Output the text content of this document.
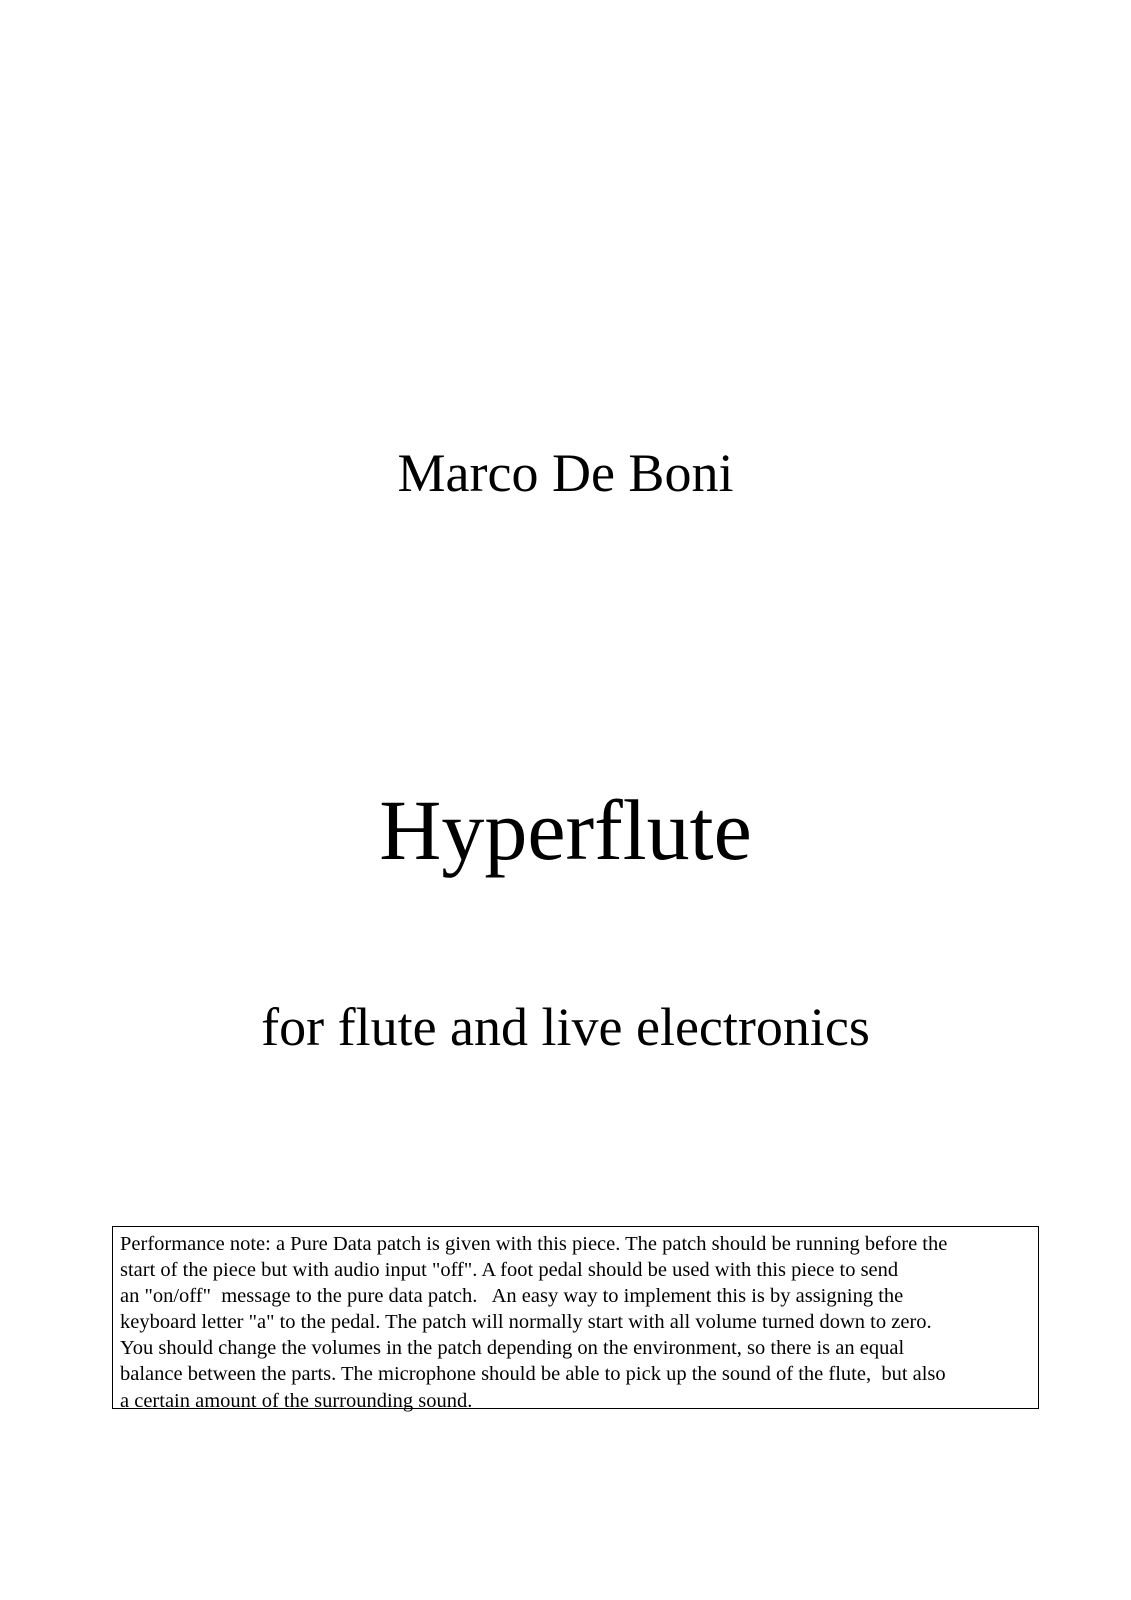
Marco De Boni
Hyperflute
for flute and live electronics
Performance note: a Pure Data patch is given with this piece. The patch should be running before the
start of the piece but with audio input "off". A foot pedal should be used with this piece to send
an "on/off"  message to the pure data patch.   An easy way to implement this is by assigning the
keyboard letter "a" to the pedal. The patch will normally start with all volume turned down to zero.
You should change the volumes in the patch depending on the environment, so there is an equal
balance between the parts. The microphone should be able to pick up the sound of the flute,  but also
a certain amount of the surrounding sound.
